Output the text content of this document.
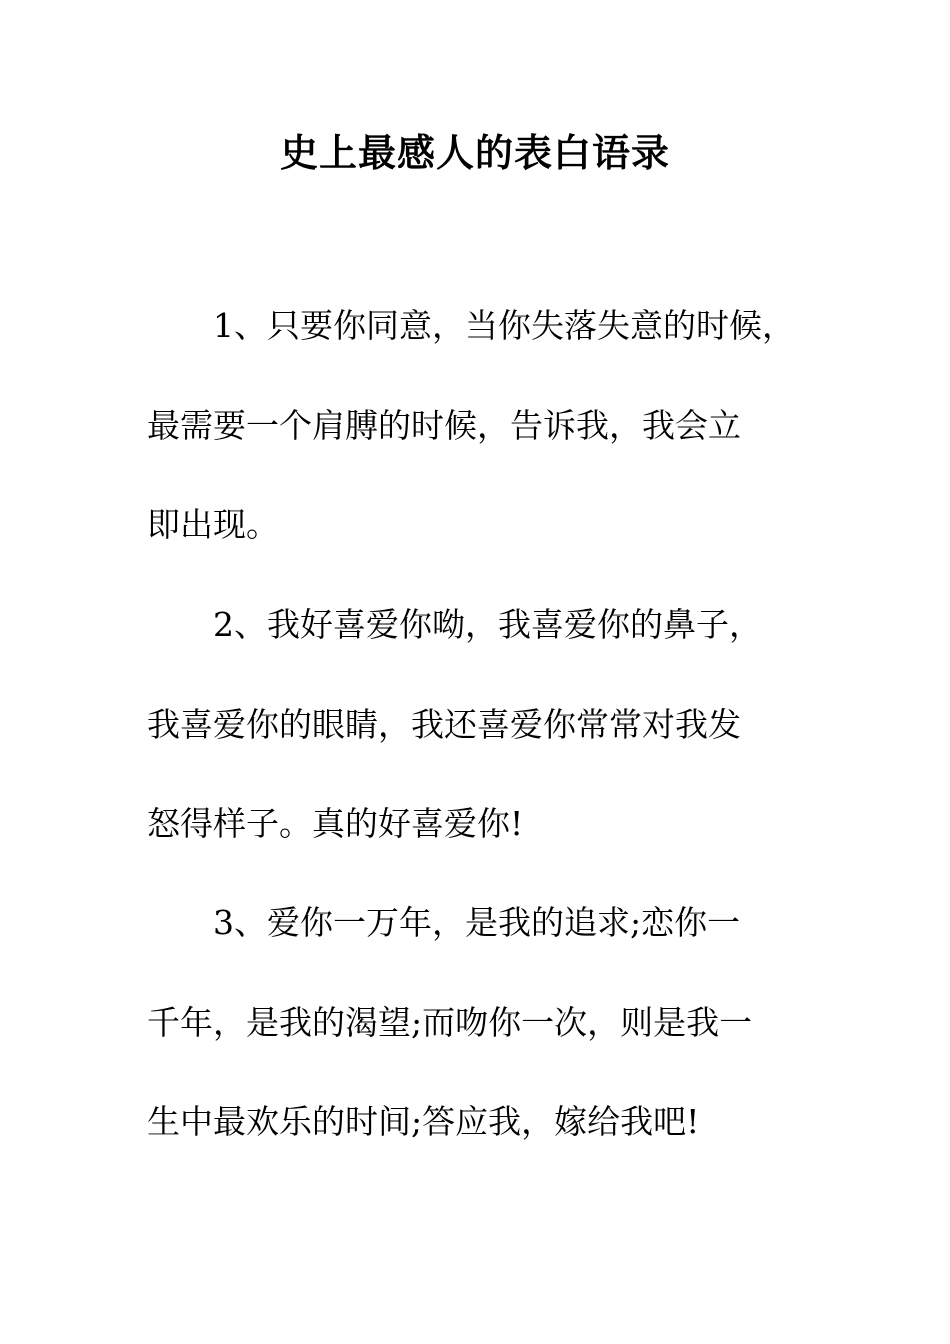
史上最感人的表白语录

1、只要你同意，当你失落失意的时候，

最需要一个肩膊的时候，告诉我，我会立

即出现。

2、我好喜爱你呦，我喜爱你的鼻子，

我喜爱你的眼睛，我还喜爱你常常对我发

怒得样子。真的好喜爱你!

3、爱你一万年，是我的追求;恋你一

千年，是我的渴望;而吻你一次，则是我一

生中最欢乐的时间;答应我，嫁给我吧!
